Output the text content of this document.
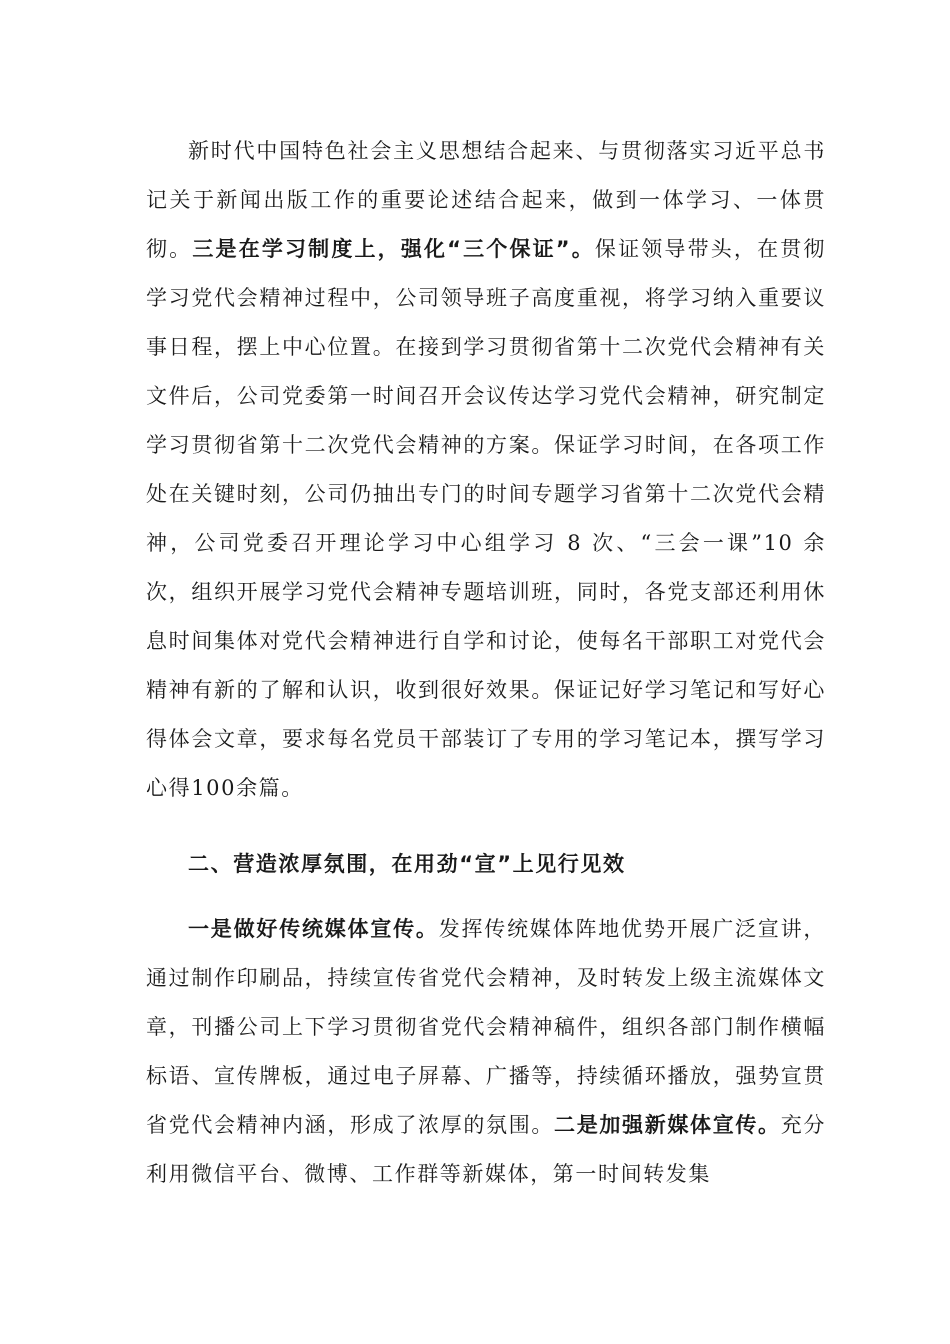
新时代中国特色社会主义思想结合起来、与贯彻落实习近平总书记关于新闻出版工作的重要论述结合起来，做到一体学习、一体贯彻。三是在学习制度上，强化“三个保证”。保证领导带头，在贯彻学习党代会精神过程中，公司领导班子高度重视，将学习纳入重要议事日程，摆上中心位置。在接到学习贯彻省第十二次党代会精神有关文件后，公司党委第一时间召开会议传达学习党代会精神，研究制定学习贯彻省第十二次党代会精神的方案。保证学习时间，在各项工作处在关键时刻，公司仍抽出专门的时间专题学习省第十二次党代会精神，公司党委召开理论学习中心组学习 8 次、“三会一课”10 余次，组织开展学习党代会精神专题培训班，同时，各党支部还利用休息时间集体对党代会精神进行自学和讨论，使每名干部职工对党代会精神有新的了解和认识，收到很好效果。保证记好学习笔记和写好心得体会文章，要求每名党员干部装订了专用的学习笔记本，撰写学习心得100余篇。

二、营造浓厚氛围，在用劲“宣”上见行见效

一是做好传统媒体宣传。发挥传统媒体阵地优势开展广泛宣讲，通过制作印刷品，持续宣传省党代会精神，及时转发上级主流媒体文章，刊播公司上下学习贯彻省党代会精神稿件，组织各部门制作横幅标语、宣传牌板，通过电子屏幕、广播等，持续循环播放，强势宣贯省党代会精神内涵，形成了浓厚的氛围。二是加强新媒体宣传。充分利用微信平台、微博、工作群等新媒体，第一时间转发集
